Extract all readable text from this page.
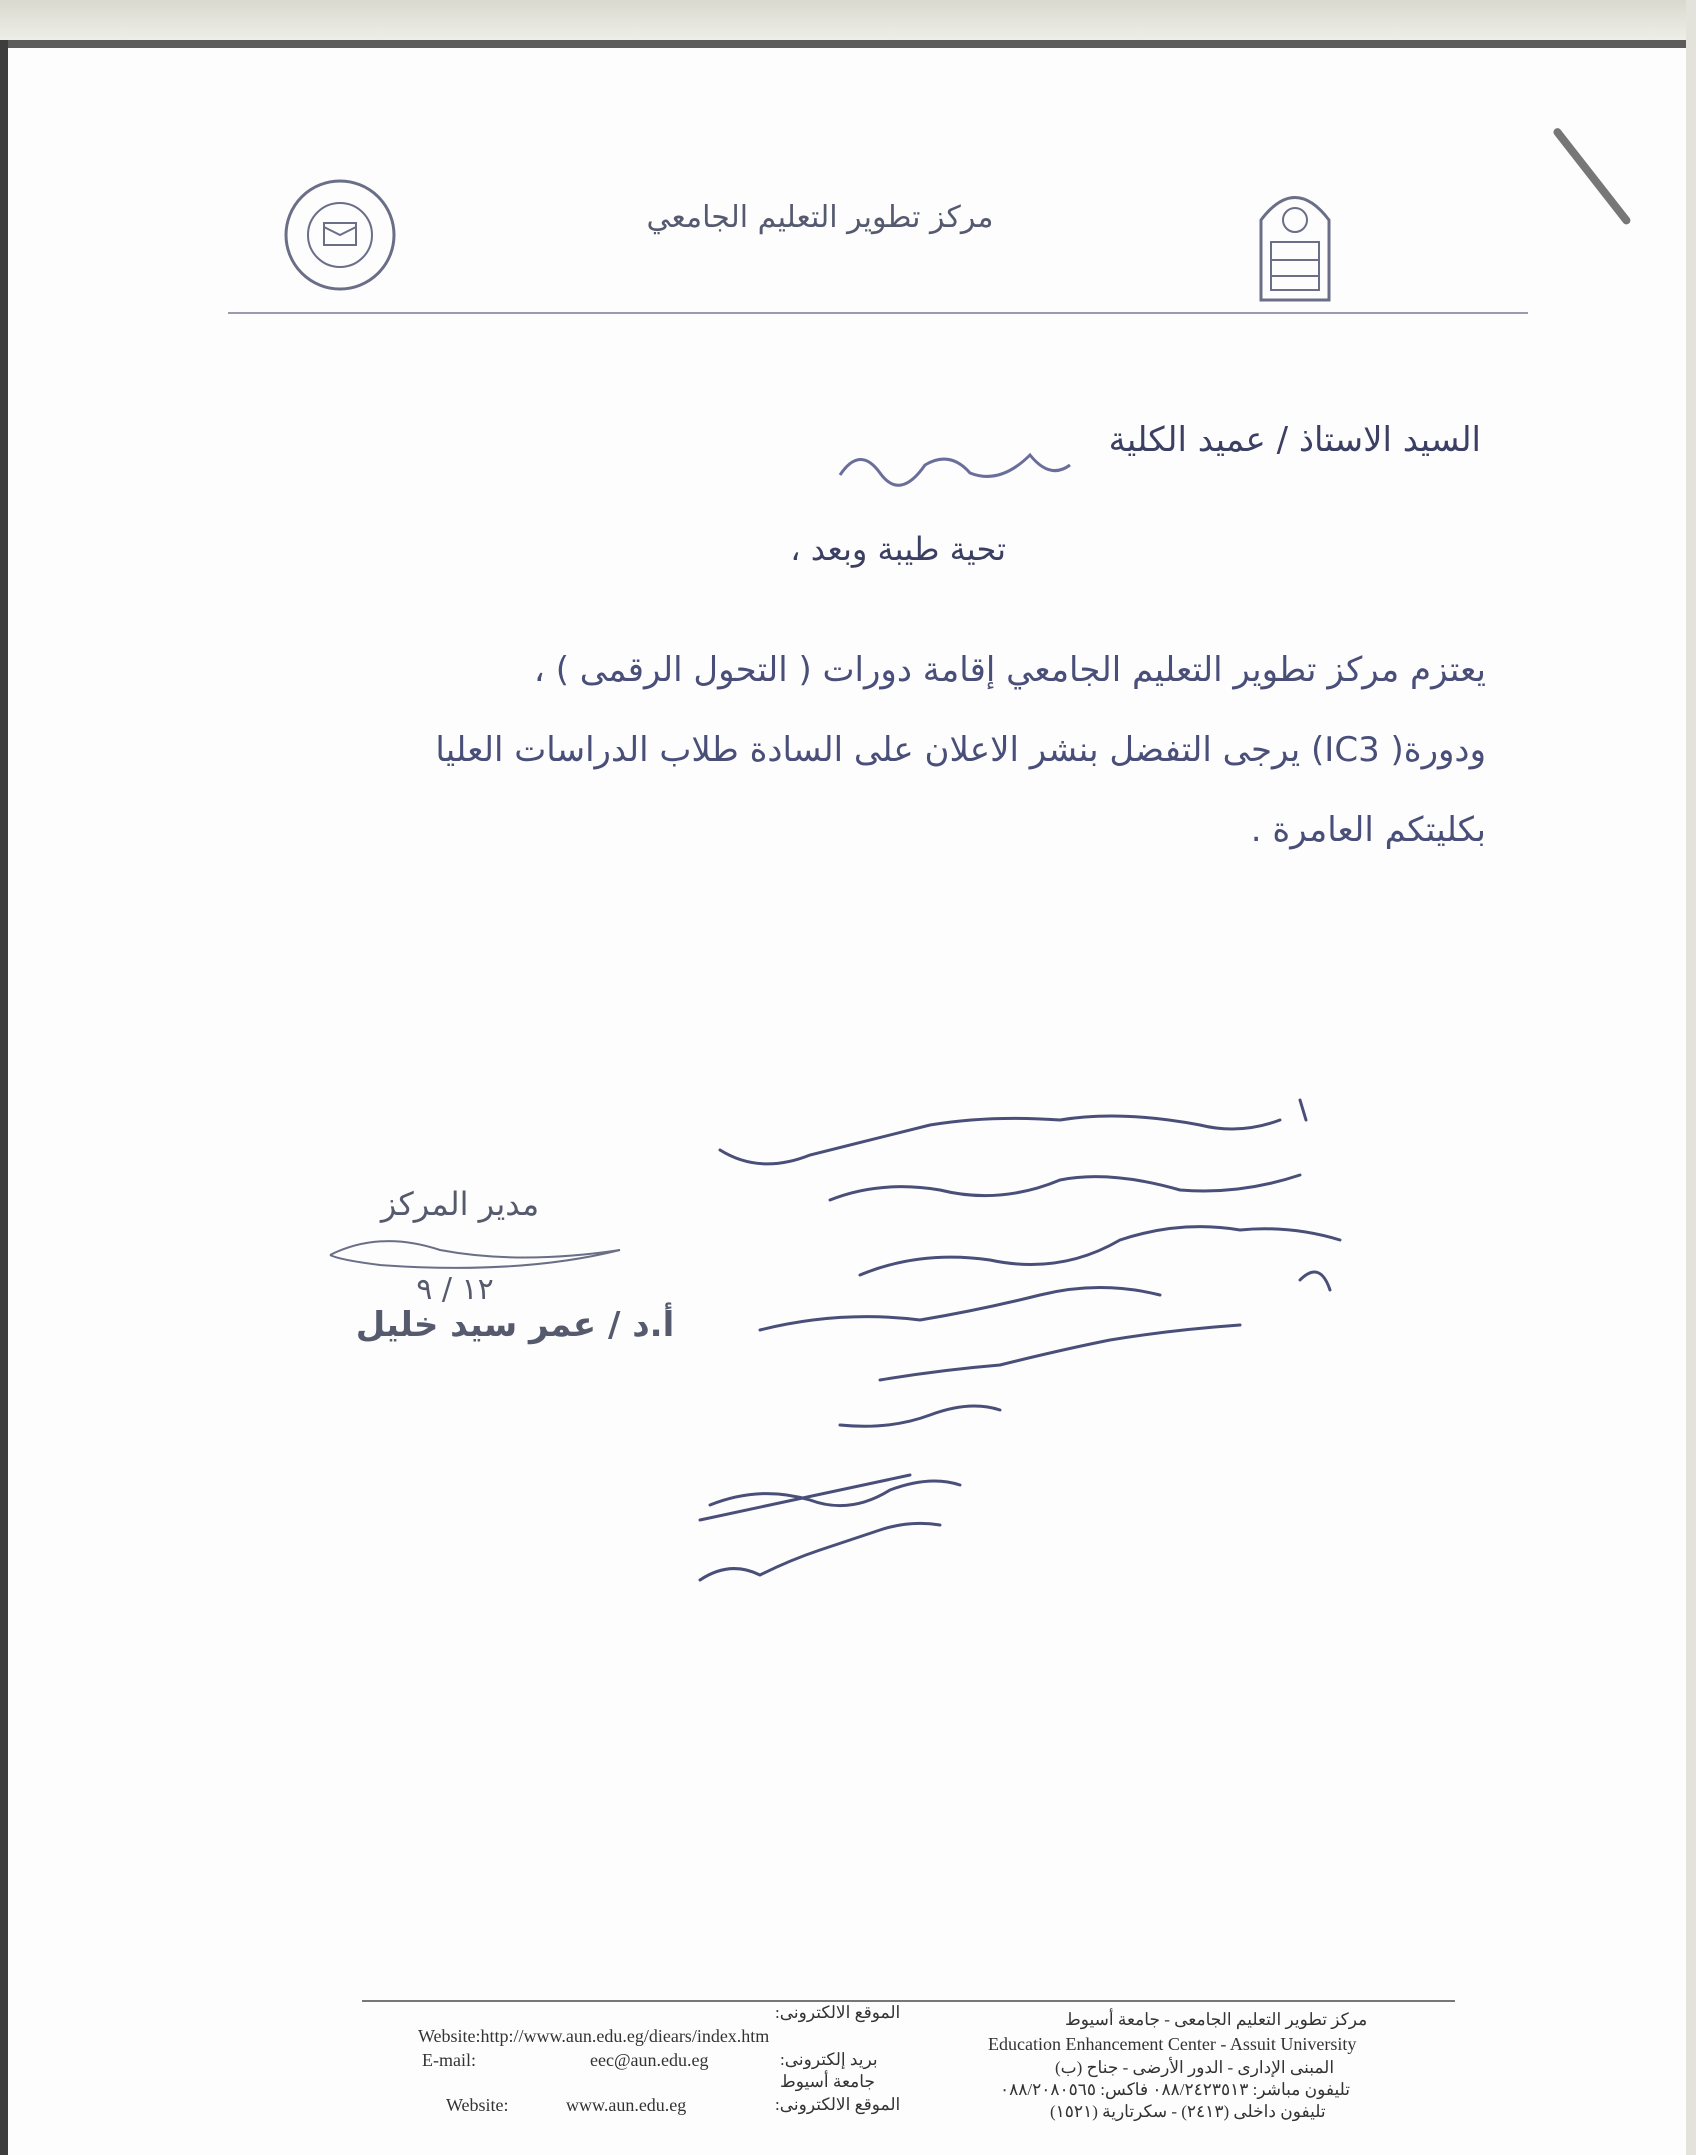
مركز تطوير التعليم الجامعي
السيد الاستاذ / عميد الكلية
تحية طيبة وبعد ،
يعتزم مركز تطوير التعليم الجامعي إقامة دورات ( التحول الرقمى ) ،
ودورة( IC3) يرجى التفضل بنشر الاعلان على السادة طلاب الدراسات العليا
بكليتكم العامرة .
مدير المركز
١٢ / ٩
أ.د / عمر سيد خليل
الموقع الالكترونى:
Website:http://www.aun.edu.eg/diears/index.htm
E-mail:	eec@aun.edu.eg	بريد إلكترونى:
جامعة أسيوط
Website:	www.aun.edu.eg	الموقع الالكترونى:
مركز تطوير التعليم الجامعى - جامعة أسيوط
Education Enhancement Center - Assuit University
المبنى الإدارى - الدور الأرضى - جناح (ب)
تليفون مباشر: ٠٨٨/٢٤٢٣٥١٣ فاكس: ٠٨٨/٢٠٨٠٥٦٥
تليفون داخلى (٢٤١٣) - سكرتارية (١٥٢١)
